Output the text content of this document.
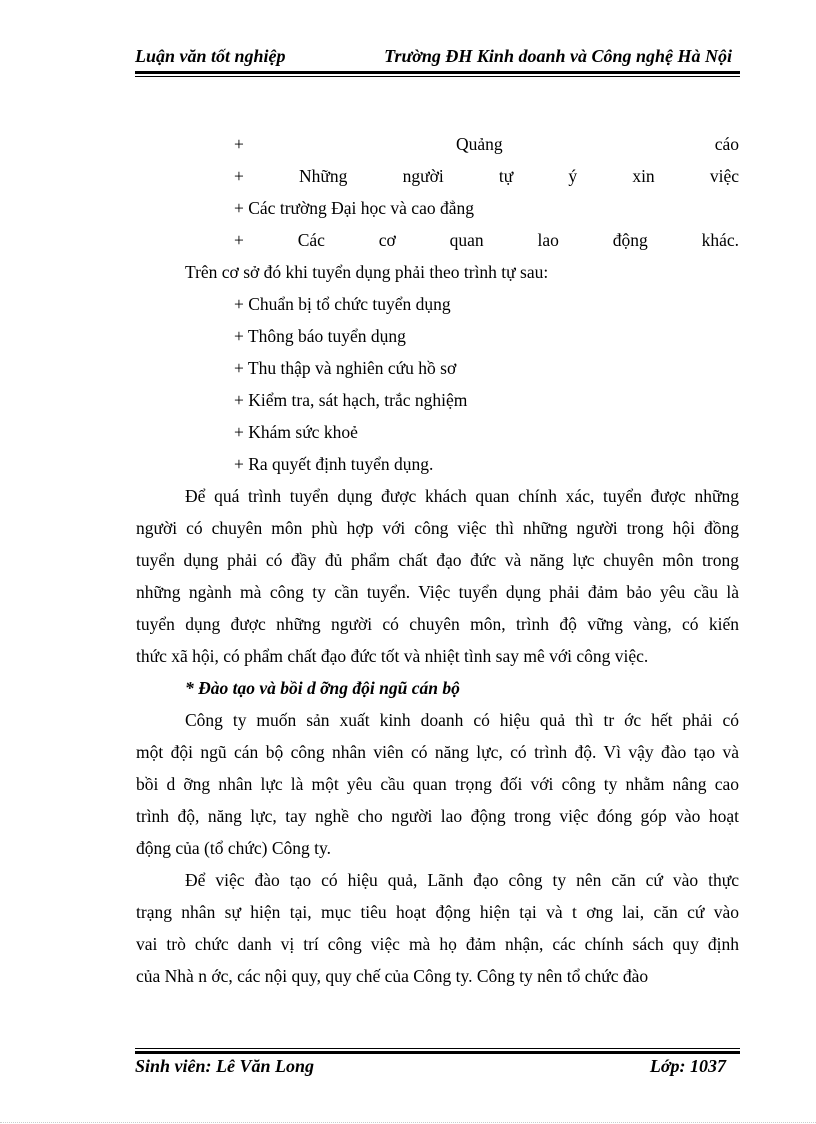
Luận văn tốt nghiệp	Trường ĐH Kinh doanh và Công nghệ Hà Nội
+ Quảng cáo
+ Những người tự ý xin việc
+ Các trường Đại học và cao đẳng
+ Các cơ quan lao động khác.
Trên cơ sở đó khi tuyển dụng phải theo trình tự sau:
+ Chuẩn bị tổ chức tuyển dụng
+ Thông báo tuyển dụng
+ Thu thập và nghiên cứu hồ sơ
+ Kiểm tra, sát hạch, trắc nghiệm
+ Khám sức khoẻ
+ Ra quyết định tuyển dụng.
Để quá trình tuyển dụng được khách quan chính xác, tuyển được những
người có chuyên môn phù hợp với công việc thì những người trong hội đồng
tuyển dụng phải có đầy đủ phẩm chất đạo đức và năng lực chuyên môn trong
những ngành mà công ty cần tuyển. Việc tuyển dụng phải đảm bảo yêu cầu là
tuyển dụng được những người có chuyên môn, trình độ vững vàng, có kiến
thức xã hội, có phẩm chất đạo đức tốt và nhiệt tình say mê với công việc.
* Đào tạo và bồi d ỡng đội ngũ cán bộ
Công ty muốn sản xuất kinh doanh có hiệu quả thì tr ớc hết phải có
một đội ngũ cán bộ công nhân viên có năng lực, có trình độ. Vì vậy đào tạo và
bồi d ỡng nhân lực là một yêu cầu quan trọng đối với công ty nhằm nâng cao
trình độ, năng lực, tay nghề cho người lao động trong việc đóng góp vào hoạt
động của (tổ chức) Công ty.
Để việc đào tạo có hiệu quả, Lãnh đạo công ty nên căn cứ vào thực
trạng nhân sự hiện tại, mục tiêu hoạt động hiện tại và t ơng lai, căn cứ vào
vai trò chức danh vị trí công việc mà họ đảm nhận, các chính sách quy định
của Nhà n ớc, các nội quy, quy chế của Công ty. Công ty nên tổ chức đào
Sinh viên: Lê Văn Long	Lớp: 1037
